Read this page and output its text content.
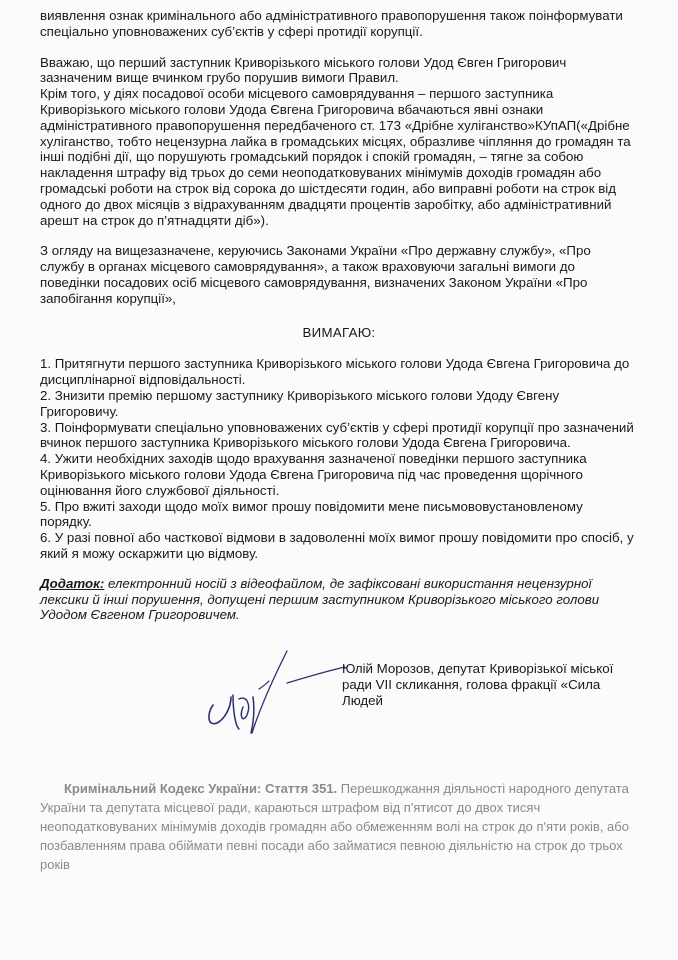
виявлення ознак кримінального або адміністративного правопорушення також поінформувати спеціально уповноважених суб’єктів у сфері протидії корупції.

Вважаю, що перший заступник Криворізького міського голови Удод Євген Григорович зазначеним вище вчинком грубо порушив вимоги Правил.

Крім того, у діях посадової особи місцевого самоврядування – першого заступника Криворізького міського голови Удода Євгена Григоровича вбачаються явні ознаки адміністративного правопорушення передбаченого ст. 173 «Дрібне хуліганство»КУпАП(«Дрібне хуліганство, тобто нецензурна лайка в громадських місцях, образливе чіпляння до громадян та інші подібні дії, що порушують громадський порядок і спокій громадян, – тягне за собою накладення штрафу від трьох до семи неоподатковуваних мінімумів доходів громадян або громадські роботи на строк від сорока до шістдесяти годин, або виправні роботи на строк від одного до двох місяців з відрахуванням двадцяти процентів заробітку, або адміністративний арешт на строк до п’ятнадцяти діб»).

З огляду на вищезазначене, керуючись Законами України «Про державну службу», «Про службу в органах місцевого самоврядування», а також враховуючи загальні вимоги до поведінки посадових осіб місцевого самоврядування, визначених Законом України «Про запобігання корупції»,

ВИМАГАЮ:

1. Притягнути першого заступника Криворізького міського голови Удода Євгена Григоровича до дисциплінарної відповідальності.

2. Знизити премію першому заступнику Криворізького міського голови Удоду Євгену Григоровичу.

3. Поінформувати спеціально уповноважених суб’єктів у сфері протидії корупції про зазначений вчинок першого заступника Криворізького міського голови Удода Євгена Григоровича.

4. Ужити необхідних заходів щодо врахування зазначеної поведінки першого заступника Криворізького міського голови Удода Євгена Григоровича під час проведення щорічного оцінювання його службової діяльності.

5. Про вжиті заходи щодо моїх вимог прошу повідомити мене письмововустановленому порядку.

6. У разі повної або часткової відмови в задоволенні моїх вимог прошу повідомити про спосіб, у який я можу оскаржити цю відмову.

Додаток: електронний носій з відеофайлом, де зафіксовані використання нецензурної лексики й інші порушення, допущені першим заступником Криворізького міського голови Удодом Євгеном Григоровичем.

Юлій Морозов, депутат Криворізької міської ради VII скликання, голова фракції «Сила Людей

Кримінальний Кодекс України: Стаття 351. Перешкоджання діяльності народного депутата України та депутата місцевої ради, караються штрафом від п'ятисот до двох тисяч неоподатковуваних мінімумів доходів громадян або обмеженням волі на строк до п'яти років, або позбавленням права обіймати певні посади або займатися певною діяльністю на строк до трьох років
